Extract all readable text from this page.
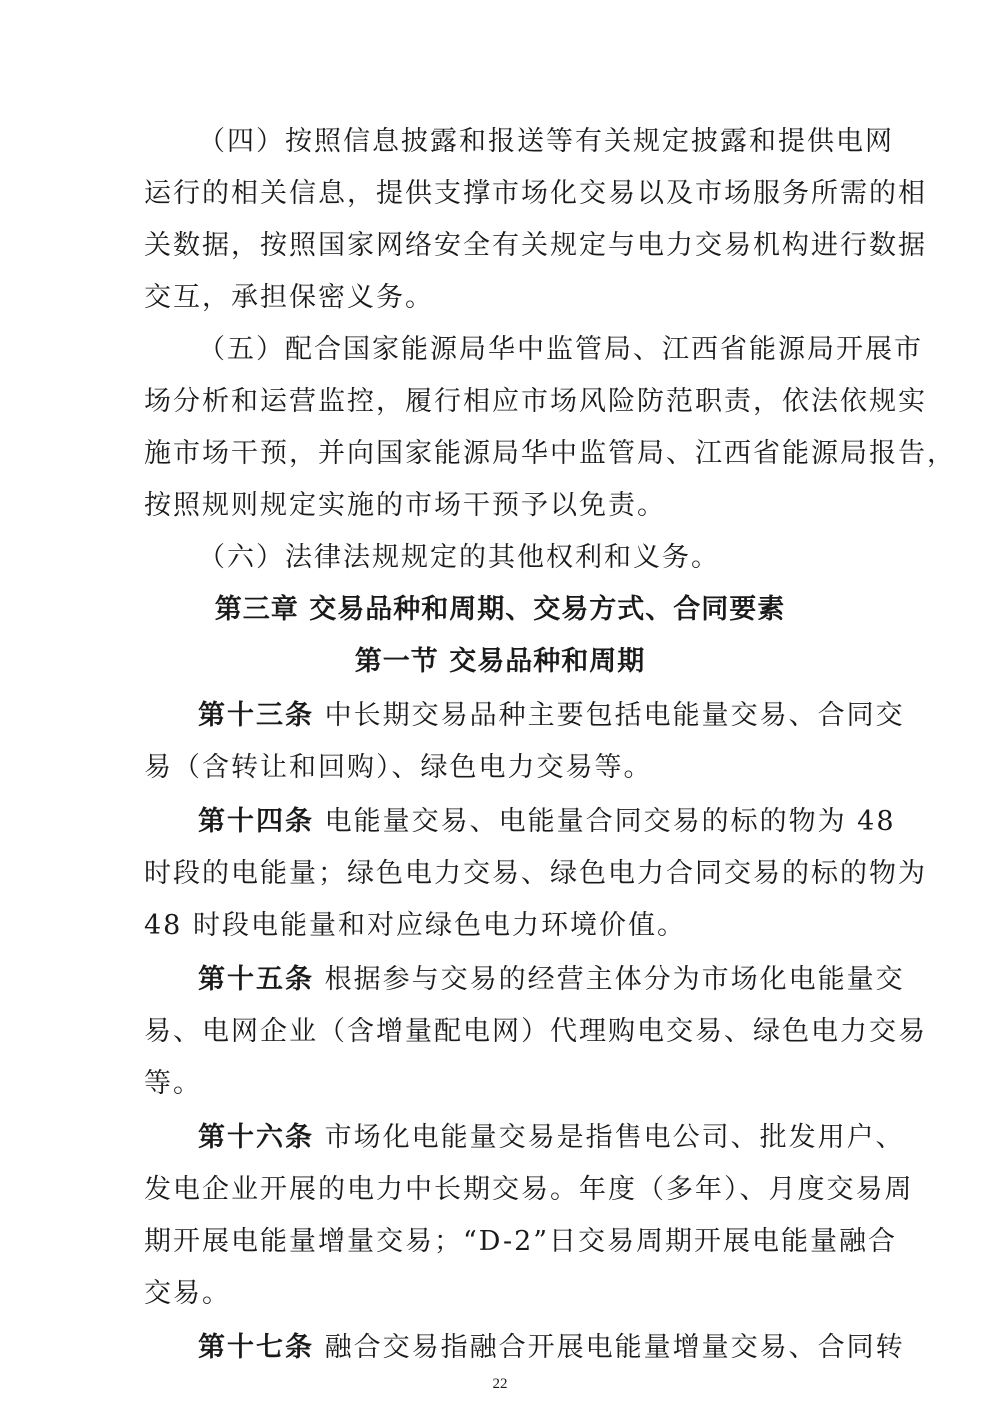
（四）按照信息披露和报送等有关规定披露和提供电网
运行的相关信息，提供支撑市场化交易以及市场服务所需的相
关数据，按照国家网络安全有关规定与电力交易机构进行数据
交互，承担保密义务。
（五）配合国家能源局华中监管局、江西省能源局开展市
场分析和运营监控，履行相应市场风险防范职责，依法依规实
施市场干预，并向国家能源局华中监管局、江西省能源局报告，
按照规则规定实施的市场干预予以免责。
（六）法律法规规定的其他权利和义务。
第三章 交易品种和周期、交易方式、合同要素
第一节 交易品种和周期
第十三条 中长期交易品种主要包括电能量交易、合同交
易（含转让和回购）、绿色电力交易等。
第十四条 电能量交易、电能量合同交易的标的物为 48
时段的电能量；绿色电力交易、绿色电力合同交易的标的物为
48 时段电能量和对应绿色电力环境价值。
第十五条 根据参与交易的经营主体分为市场化电能量交
易、电网企业（含增量配电网）代理购电交易、绿色电力交易
等。
第十六条 市场化电能量交易是指售电公司、批发用户、
发电企业开展的电力中长期交易。年度（多年）、月度交易周
期开展电能量增量交易；“D-2”日交易周期开展电能量融合
交易。
第十七条 融合交易指融合开展电能量增量交易、合同转
22
